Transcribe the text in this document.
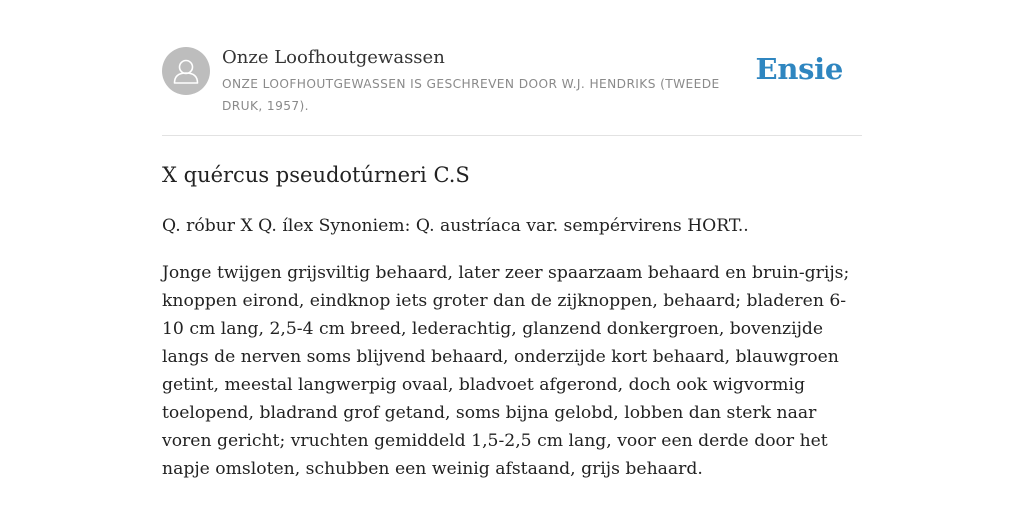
Onze Loofhoutgewassen
ONZE LOOFHOUTGEWASSEN IS GESCHREVEN DOOR W.J. HENDRIKS (TWEEDE DRUK, 1957).
Ensie
X quércus pseudotúrneri C.S

Q. róbur X Q. ílex Synoniem: Q. austríaca var. sempérvirens HORT..

Jonge twijgen grijsviltig behaard, later zeer spaarzaam behaard en bruin-grijs; knoppen eirond, eindknop iets groter dan de zijknoppen, behaard; bladeren 6-10 cm lang, 2,5-4 cm breed, lederachtig, glanzend donkergroen, bovenzijde langs de nerven soms blijvend behaard, onderzijde kort behaard, blauwgroen getint, meestal langwerpig ovaal, bladvoet afgerond, doch ook wigvormig toelopend, bladrand grof getand, soms bijna gelobd, lobben dan sterk naar voren gericht; vruchten gemiddeld 1,5-2,5 cm lang, voor een derde door het napje omsloten, schubben een weinig afstaand, grijs behaard.
